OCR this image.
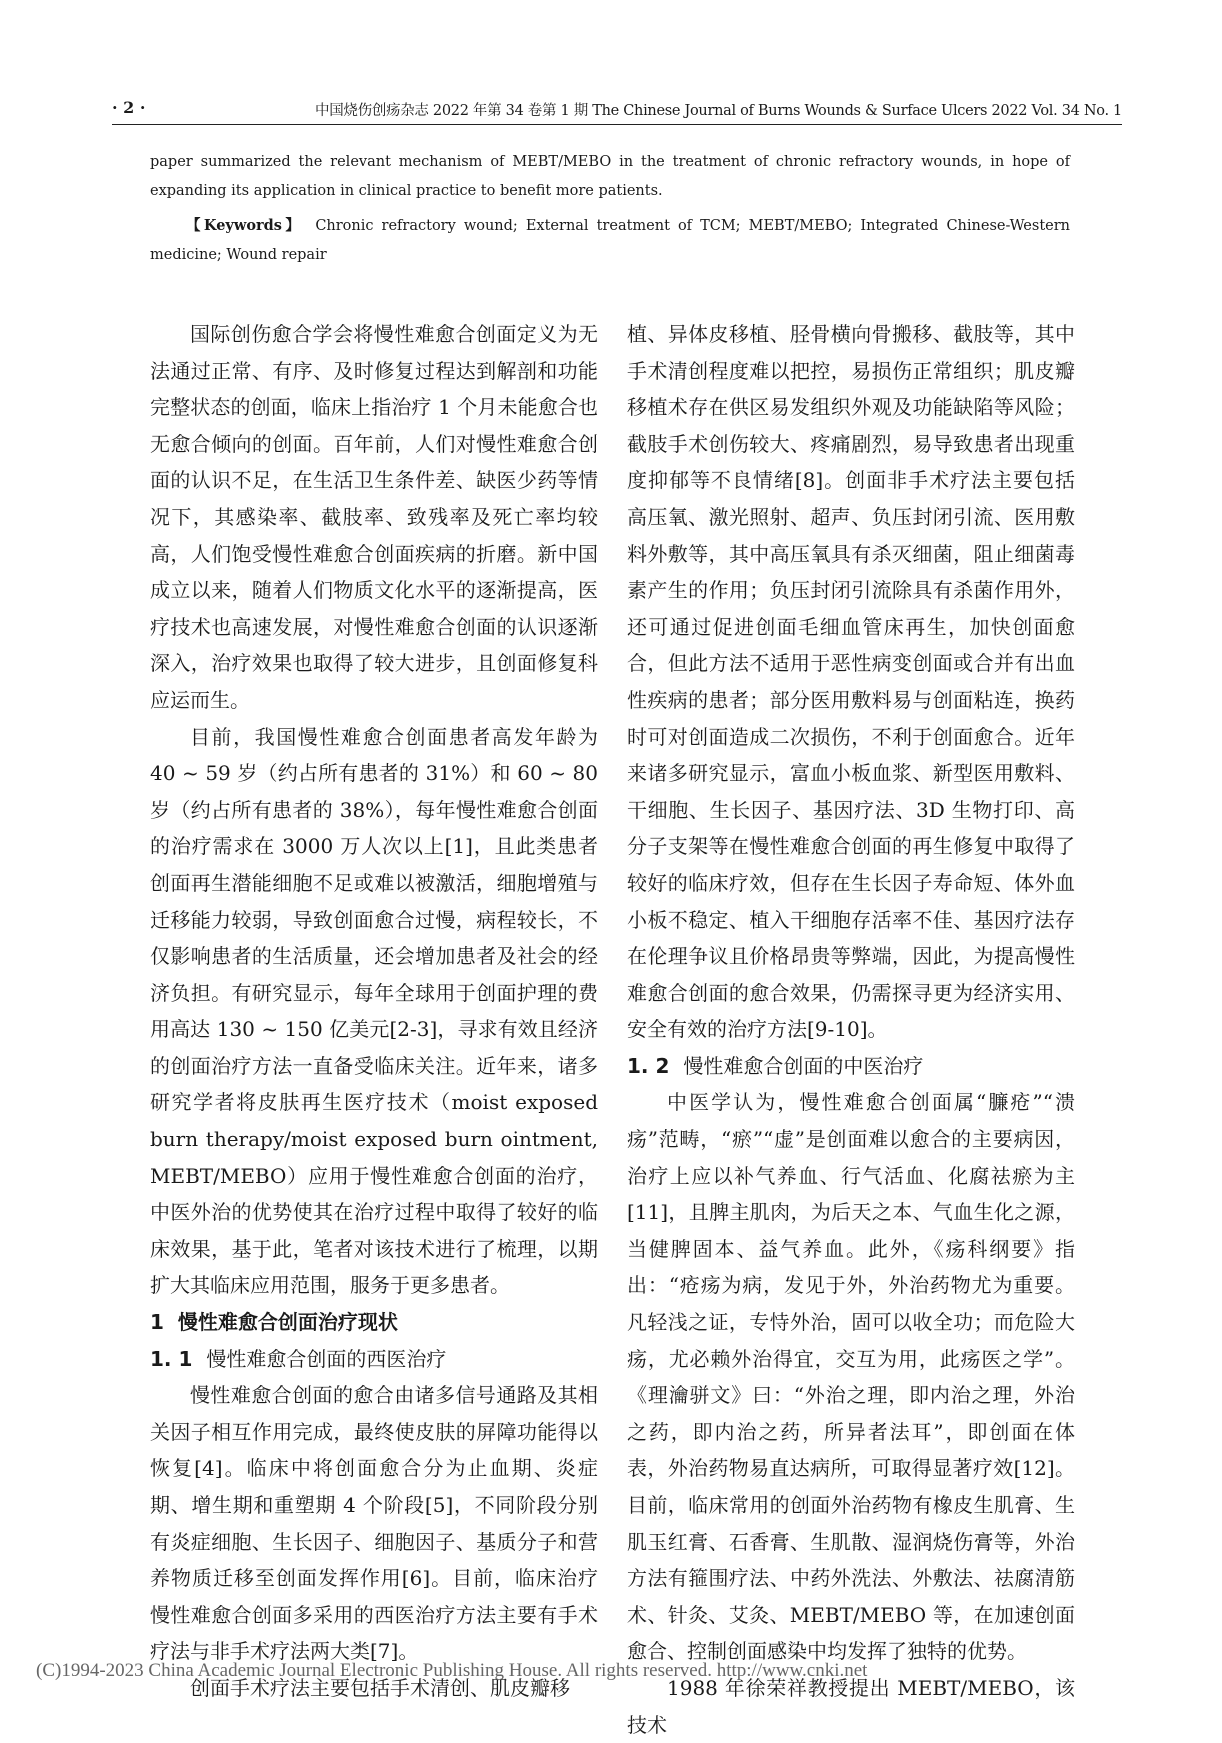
· 2 ·	中国烧伤创疡杂志 2022 年第 34 卷第 1 期 The Chinese Journal of Burns Wounds & Surface Ulcers 2022 Vol. 34 No. 1

paper summarized the relevant mechanism of MEBT/MEBO in the treatment of chronic refractory wounds, in hope of expanding its application in clinical practice to benefit more patients.

【Keywords】 Chronic refractory wound; External treatment of TCM; MEBT/MEBO; Integrated Chinese-Western medicine; Wound repair

国际创伤愈合学会将慢性难愈合创面定义为无法通过正常、有序、及时修复过程达到解剖和功能完整状态的创面，临床上指治疗 1 个月未能愈合也无愈合倾向的创面。百年前，人们对慢性难愈合创面的认识不足，在生活卫生条件差、缺医少药等情况下，其感染率、截肢率、致残率及死亡率均较高，人们饱受慢性难愈合创面疾病的折磨。新中国成立以来，随着人们物质文化水平的逐渐提高，医疗技术也高速发展，对慢性难愈合创面的认识逐渐深入，治疗效果也取得了较大进步，且创面修复科应运而生。

目前，我国慢性难愈合创面患者高发年龄为 40 ~ 59 岁（约占所有患者的 31%）和 60 ~ 80 岁（约占所有患者的 38%），每年慢性难愈合创面的治疗需求在 3000 万人次以上[1]，且此类患者创面再生潜能细胞不足或难以被激活，细胞增殖与迁移能力较弱，导致创面愈合过慢，病程较长，不仅影响患者的生活质量，还会增加患者及社会的经济负担。有研究显示，每年全球用于创面护理的费用高达 130 ~ 150 亿美元[2-3]，寻求有效且经济的创面治疗方法一直备受临床关注。近年来，诸多研究学者将皮肤再生医疗技术（moist exposed burn therapy/moist exposed burn ointment, MEBT/MEBO）应用于慢性难愈合创面的治疗，中医外治的优势使其在治疗过程中取得了较好的临床效果，基于此，笔者对该技术进行了梳理，以期扩大其临床应用范围，服务于更多患者。

1 慢性难愈合创面治疗现状

1. 1 慢性难愈合创面的西医治疗

慢性难愈合创面的愈合由诸多信号通路及其相关因子相互作用完成，最终使皮肤的屏障功能得以恢复[4]。临床中将创面愈合分为止血期、炎症期、增生期和重塑期 4 个阶段[5]，不同阶段分别有炎症细胞、生长因子、细胞因子、基质分子和营养物质迁移至创面发挥作用[6]。目前，临床治疗慢性难愈合创面多采用的西医治疗方法主要有手术疗法与非手术疗法两大类[7]。

创面手术疗法主要包括手术清创、肌皮瓣移

植、异体皮移植、胫骨横向骨搬移、截肢等，其中手术清创程度难以把控，易损伤正常组织；肌皮瓣移植术存在供区易发组织外观及功能缺陷等风险；截肢手术创伤较大、疼痛剧烈，易导致患者出现重度抑郁等不良情绪[8]。创面非手术疗法主要包括高压氧、激光照射、超声、负压封闭引流、医用敷料外敷等，其中高压氧具有杀灭细菌，阻止细菌毒素产生的作用；负压封闭引流除具有杀菌作用外，还可通过促进创面毛细血管床再生，加快创面愈合，但此方法不适用于恶性病变创面或合并有出血性疾病的患者；部分医用敷料易与创面粘连，换药时可对创面造成二次损伤，不利于创面愈合。近年来诸多研究显示，富血小板血浆、新型医用敷料、干细胞、生长因子、基因疗法、3D 生物打印、高分子支架等在慢性难愈合创面的再生修复中取得了较好的临床疗效，但存在生长因子寿命短、体外血小板不稳定、植入干细胞存活率不佳、基因疗法存在伦理争议且价格昂贵等弊端，因此，为提高慢性难愈合创面的愈合效果，仍需探寻更为经济实用、安全有效的治疗方法[9-10]。

1. 2 慢性难愈合创面的中医治疗

中医学认为，慢性难愈合创面属“臁疮”“溃疡”范畴，“瘀”“虚”是创面难以愈合的主要病因，治疗上应以补气养血、行气活血、化腐祛瘀为主[11]，且脾主肌肉，为后天之本、气血生化之源，当健脾固本、益气养血。此外，《疡科纲要》指出：“疮疡为病，发见于外，外治药物尤为重要。凡轻浅之证，专恃外治，固可以收全功；而危险大疡，尤必赖外治得宜，交互为用，此疡医之学”。《理瀹骈文》曰：“外治之理，即内治之理，外治之药，即内治之药，所异者法耳”，即创面在体表，外治药物易直达病所，可取得显著疗效[12]。目前，临床常用的创面外治药物有橡皮生肌膏、生肌玉红膏、石香膏、生肌散、湿润烧伤膏等，外治方法有箍围疗法、中药外洗法、外敷法、祛腐清筋术、针灸、艾灸、MEBT/MEBO 等，在加速创面愈合、控制创面感染中均发挥了独特的优势。

1988 年徐荣祥教授提出 MEBT/MEBO，该技术

(C)1994-2023 China Academic Journal Electronic Publishing House. All rights reserved. http://www.cnki.net
